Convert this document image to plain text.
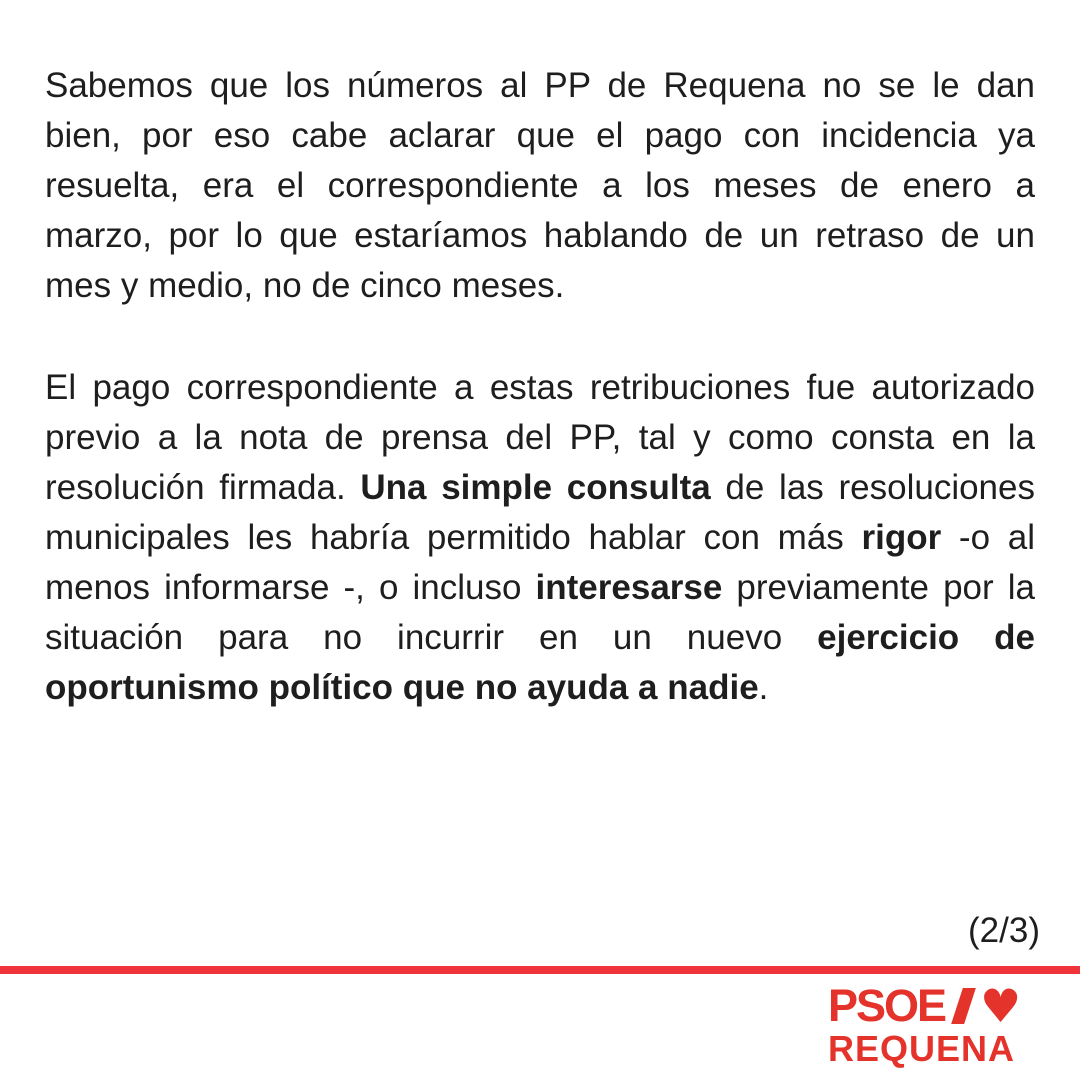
Sabemos que los números al PP de Requena no se le dan
bien, por eso cabe aclarar que el pago con incidencia ya
resuelta, era el correspondiente a los meses de enero a
marzo, por lo que estaríamos hablando de un retraso de un
mes y medio, no de cinco meses.
El pago correspondiente a estas retribuciones fue autorizado
previo a la nota de prensa del PP, tal y como consta en la
resolución firmada. Una simple consulta de las resoluciones
municipales les habría permitido hablar con más rigor -o al
menos informarse -, o incluso interesarse previamente por la
situación para no incurrir en un nuevo ejercicio de
oportunismo político que no ayuda a nadie.
(2/3)
PSOE ♥
REQUENA
